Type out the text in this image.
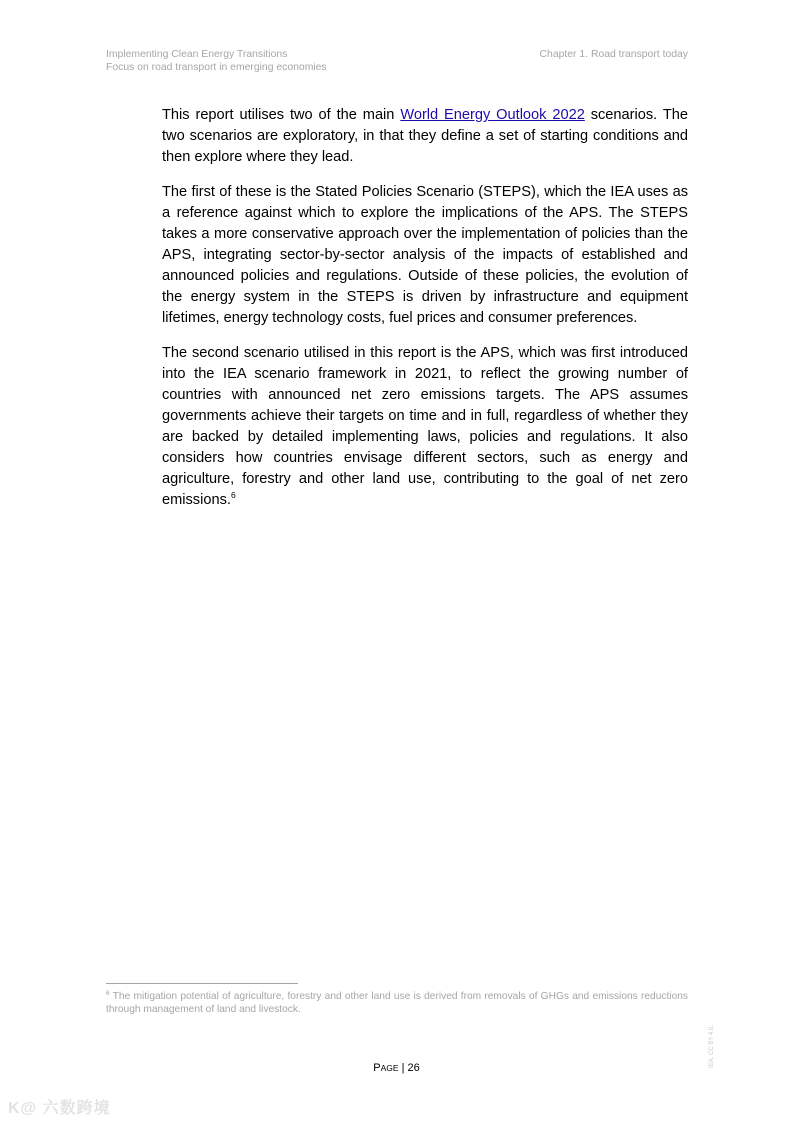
Implementing Clean Energy Transitions
Focus on road transport in emerging economies
Chapter 1. Road transport today

This report utilises two of the main World Energy Outlook 2022 scenarios. The two scenarios are exploratory, in that they define a set of starting conditions and then explore where they lead.

The first of these is the Stated Policies Scenario (STEPS), which the IEA uses as a reference against which to explore the implications of the APS. The STEPS takes a more conservative approach over the implementation of policies than the APS, integrating sector-by-sector analysis of the impacts of established and announced policies and regulations. Outside of these policies, the evolution of the energy system in the STEPS is driven by infrastructure and equipment lifetimes, energy technology costs, fuel prices and consumer preferences.

The second scenario utilised in this report is the APS, which was first introduced into the IEA scenario framework in 2021, to reflect the growing number of countries with announced net zero emissions targets. The APS assumes governments achieve their targets on time and in full, regardless of whether they are backed by detailed implementing laws, policies and regulations. It also considers how countries envisage different sectors, such as energy and agriculture, forestry and other land use, contributing to the goal of net zero emissions.$^6$

$^6$ The mitigation potential of agriculture, forestry and other land use is derived from removals of GHGs and emissions reductions through management of land and livestock.
PAGE | 26	IEA. CC BY 4.0.
K@ 六数跨境
